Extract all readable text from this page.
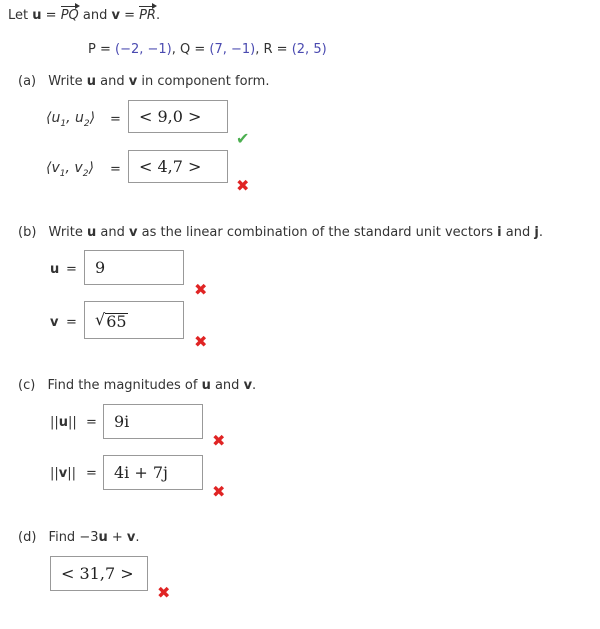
Let u = PQ and v = PR.
P = (−2, −1), Q = (7, −1), R = (2, 5)
(a) Write u and v in component form.
$⟨u_1$, $u_2⟩$ =	< 9,0 >
✔
$⟨v_1$, $v_2⟩$ =	< 4,7 >
✖
(b) Write u and v as the linear combination of the standard unit vectors i and j.
u =	9
✖
v = √ 65
✖
(c) Find the magnitudes of u and v.
||u|| =	9i
✖
||v|| =	4i + 7j
✖
(d) Find −3u + v.
< 31,7 >
✖
